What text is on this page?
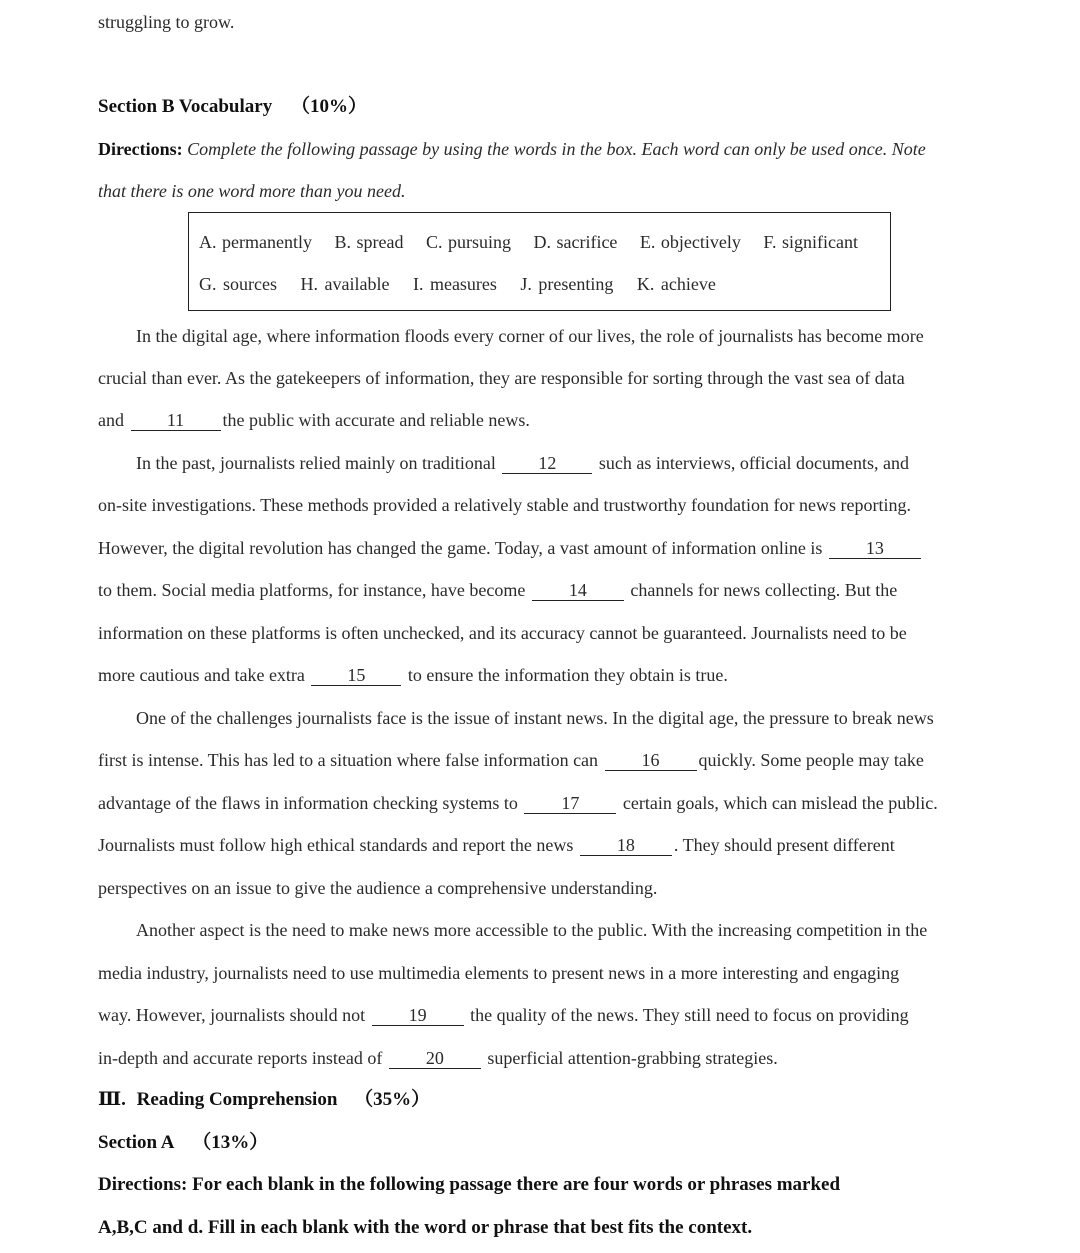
struggling to grow.
Section B Vocabulary （10%）
Directions: Complete the following passage by using the words in the box. Each word can only be used once. Note
that there is one word more than you need.
A. permanently B. spread C. pursuing D. sacrifice E. objectively F. significant
G. sources H. available I. measures J. presenting K. achieve
In the digital age, where information floods every corner of our lives, the role of journalists has become more
crucial than ever. As the gatekeepers of information, they are responsible for sorting through the vast sea of data
and 11 the public with accurate and reliable news.
In the past, journalists relied mainly on traditional 12 such as interviews, official documents, and
on-site investigations. These methods provided a relatively stable and trustworthy foundation for news reporting.
However, the digital revolution has changed the game. Today, a vast amount of information online is 13
to them. Social media platforms, for instance, have become 14 channels for news collecting. But the
information on these platforms is often unchecked, and its accuracy cannot be guaranteed. Journalists need to be
more cautious and take extra 15 to ensure the information they obtain is true.
One of the challenges journalists face is the issue of instant news. In the digital age, the pressure to break news
first is intense. This has led to a situation where false information can 16 quickly. Some people may take
advantage of the flaws in information checking systems to 17 certain goals, which can mislead the public.
Journalists must follow high ethical standards and report the news 18 . They should present different
perspectives on an issue to give the audience a comprehensive understanding.
Another aspect is the need to make news more accessible to the public. With the increasing competition in the
media industry, journalists need to use multimedia elements to present news in a more interesting and engaging
way. However, journalists should not 19 the quality of the news. They still need to focus on providing
in-depth and accurate reports instead of 20 superficial attention-grabbing strategies.
Ⅲ. Reading Comprehension （35%）
Section A （13%）
Directions: For each blank in the following passage there are four words or phrases marked
A,B,C and d. Fill in each blank with the word or phrase that best fits the context.
